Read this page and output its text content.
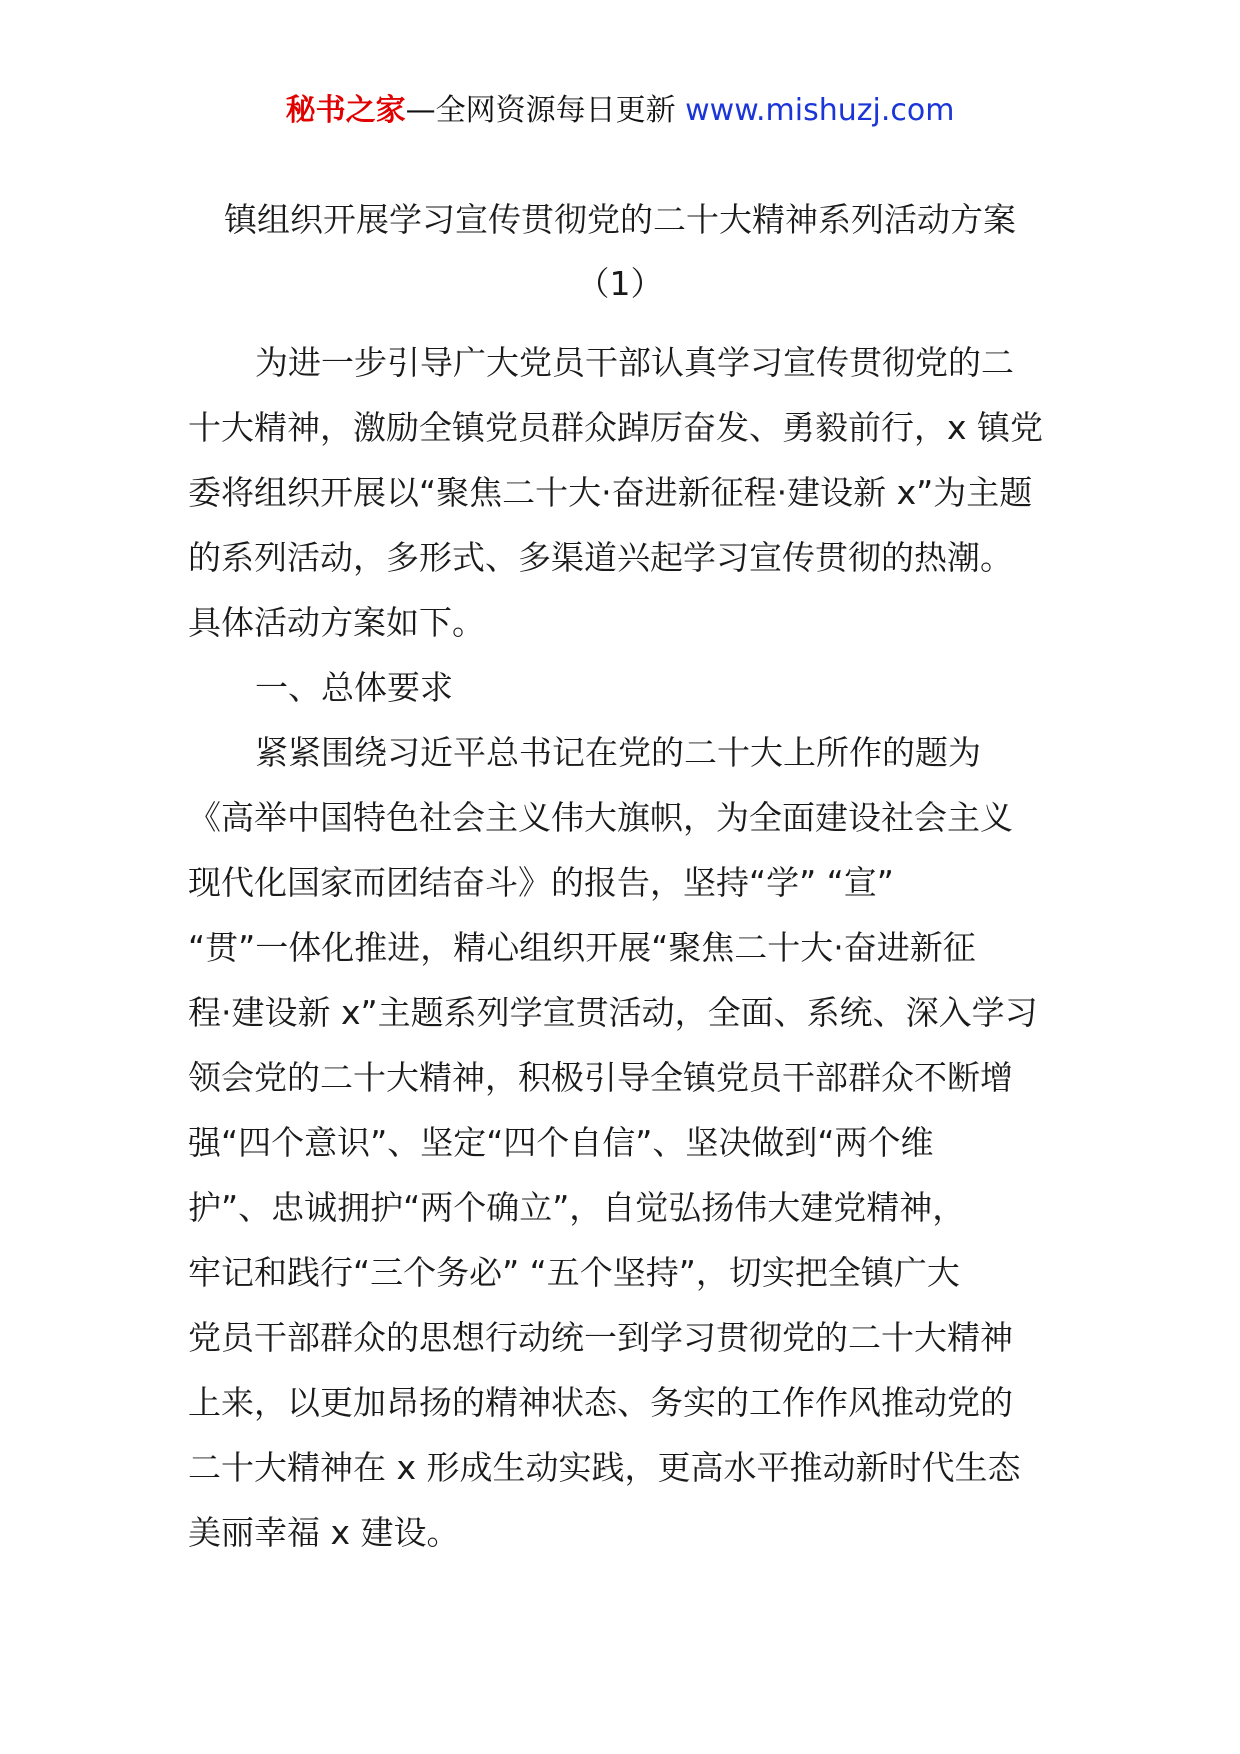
秘书之家—全网资源每日更新 www.mishuzj.com
镇组织开展学习宣传贯彻党的二十大精神系列活动方案
（1）
为进一步引导广大党员干部认真学习宣传贯彻党的二
十大精神，激励全镇党员群众踔厉奋发、勇毅前行，x 镇党
委将组织开展以“聚焦二十大·奋进新征程·建设新 x”为主题
的系列活动，多形式、多渠道兴起学习宣传贯彻的热潮。
具体活动方案如下。
一、总体要求
紧紧围绕习近平总书记在党的二十大上所作的题为
《高举中国特色社会主义伟大旗帜，为全面建设社会主义
现代化国家而团结奋斗》的报告，坚持“学” “宣”
“贯”一体化推进，精心组织开展“聚焦二十大·奋进新征
程·建设新 x”主题系列学宣贯活动，全面、系统、深入学习
领会党的二十大精神，积极引导全镇党员干部群众不断增
强“四个意识”、坚定“四个自信”、坚决做到“两个维
护”、忠诚拥护“两个确立”，自觉弘扬伟大建党精神，
牢记和践行“三个务必” “五个坚持”，切实把全镇广大
党员干部群众的思想行动统一到学习贯彻党的二十大精神
上来，以更加昂扬的精神状态、务实的工作作风推动党的
二十大精神在 x 形成生动实践，更高水平推动新时代生态
美丽幸福 x 建设。
